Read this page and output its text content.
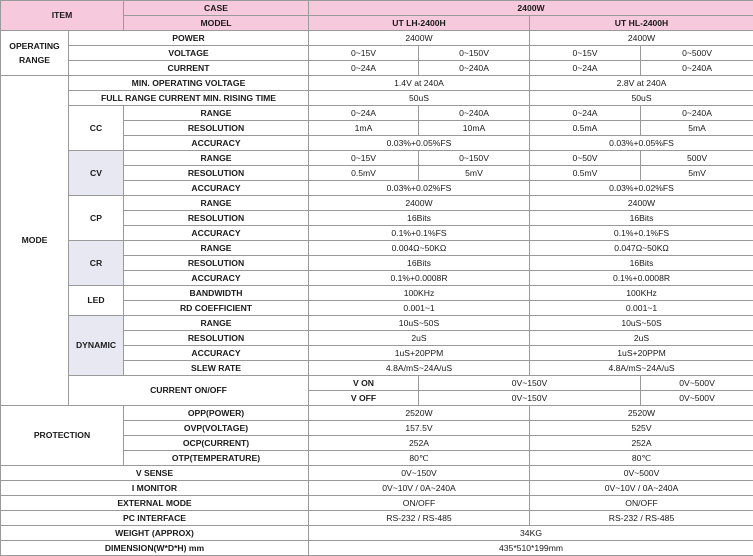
ITEM		CASE	2400W			
		MODEL	UT LH-2400H		UT HL-2400H	
OPERATING RANGE	POWER		2400W		2400W	
	VOLTAGE		0~15V	0~150V	0~15V	0~500V
	CURRENT		0~24A	0~240A	0~24A	0~240A
MODE	MIN. OPERATING VOLTAGE		1.4V at 240A		2.8V at 240A	
	FULL RANGE CURRENT MIN. RISING TIME		50uS		50uS	
	CC	RANGE	0~24A	0~240A	0~24A	0~240A
		RESOLUTION	1mA	10mA	0.5mA	5mA
		ACCURACY	0.03%+0.05%FS		0.03%+0.05%FS	
	CV	RANGE	0~15V	0~150V	0~50V	500V
		RESOLUTION	0.5mV	5mV	0.5mV	5mV
		ACCURACY	0.03%+0.02%FS		0.03%+0.02%FS	
	CP	RANGE	2400W		2400W	
		RESOLUTION	16Bits		16Bits	
		ACCURACY	0.1%+0.1%FS		0.1%+0.1%FS	
	CR	RANGE	0.004Ω~50KΩ		0.047Ω~50KΩ	
		RESOLUTION	16Bits		16Bits	
		ACCURACY	0.1%+0.0008R		0.1%+0.0008R	
	LED	BANDWIDTH	100KHz		100KHz	
		RD COEFFICIENT	0.001~1		0.001~1	
	DYNAMIC	RANGE	10uS~50S		10uS~50S	
		RESOLUTION	2uS		2uS	
		ACCURACY	1uS+20PPM		1uS+20PPM	
		SLEW RATE	4.8A/mS~24A/uS		4.8A/mS~24A/uS	
	CURRENT ON/OFF		V ON	0V~150V		0V~500V
			V OFF	0V~150V		0V~500V
PROTECTION		OPP(POWER)	2520W		2520W	
		OVP(VOLTAGE)	157.5V		525V	
		OCP(CURRENT)	252A		252A	
		OTP(TEMPERATURE)	80℃		80℃	
V SENSE			0V~150V		0V~500V	
I MONITOR			0V~10V / 0A~240A		0V~10V / 0A~240A	
EXTERNAL MODE			ON/OFF		ON/OFF	
PC INTERFACE			RS-232 / RS-485		RS-232 / RS-485	
WEIGHT (APPROX)			34KG			
DIMENSION(W*D*H) mm			435*510*199mm			
